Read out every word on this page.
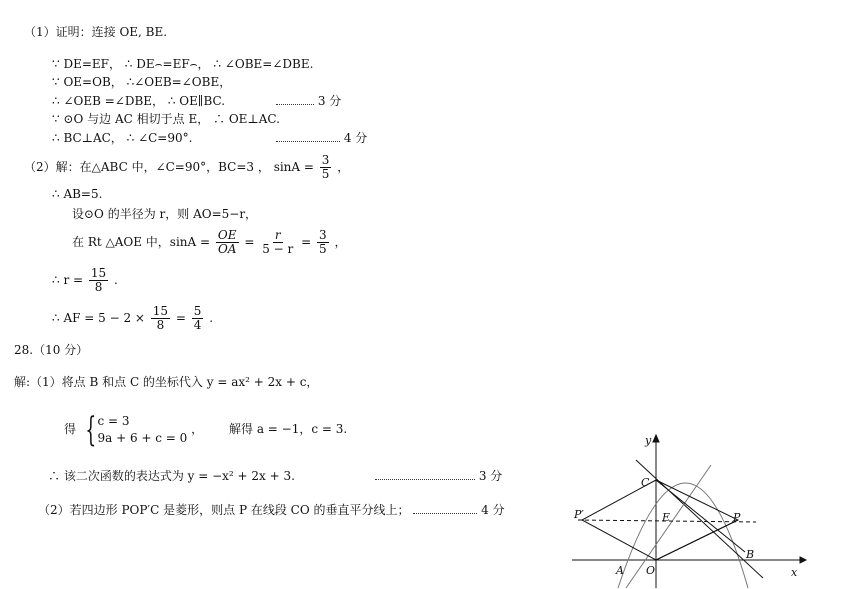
（1）证明：连接 OE, BE.
∵ DE=EF， ∴ DE⌢=EF⌢， ∴ ∠OBE=∠DBE.
∵ OE=OB， ∴∠OEB=∠OBE，
∴ ∠OEB =∠DBE， ∴ OE∥BC.	3 分
∵ ⊙O 与边 AC 相切于点 E， ∴ OE⊥AC.
∴ BC⊥AC， ∴ ∠C=90°.	4 分
（2）解：在△ABC 中，∠C=90°，BC=3 ， $\sin A = \frac{3}{5}$ ，
∴ AB=5.
设⊙O 的半径为 r，则 AO=5−r，
在 Rt △AOE 中，$\sin A = \frac{OE}{OA} = \frac{r}{5 - r} = \frac{3}{5}$ ，
∴ $r = \frac{15}{8}$ .
∴ AF = $5 - 2 \times \frac{15}{8} = \frac{5}{4}$ .
28.（10 分）
解:（1）将点 B 和点 C 的坐标代入 y = ax² + 2x + c，
得 { c = 3
9a + 6 + c = 0
， 解得 a = −1，c = 3.
∴ 该二次函数的表达式为 y = −x² + 2x + 3.	3 分
（2）若四边形 POP′C 是菱形，则点 P 在线段 CO 的垂直平分线上；	4 分
y
x
C
E	P
P′
B
A O
